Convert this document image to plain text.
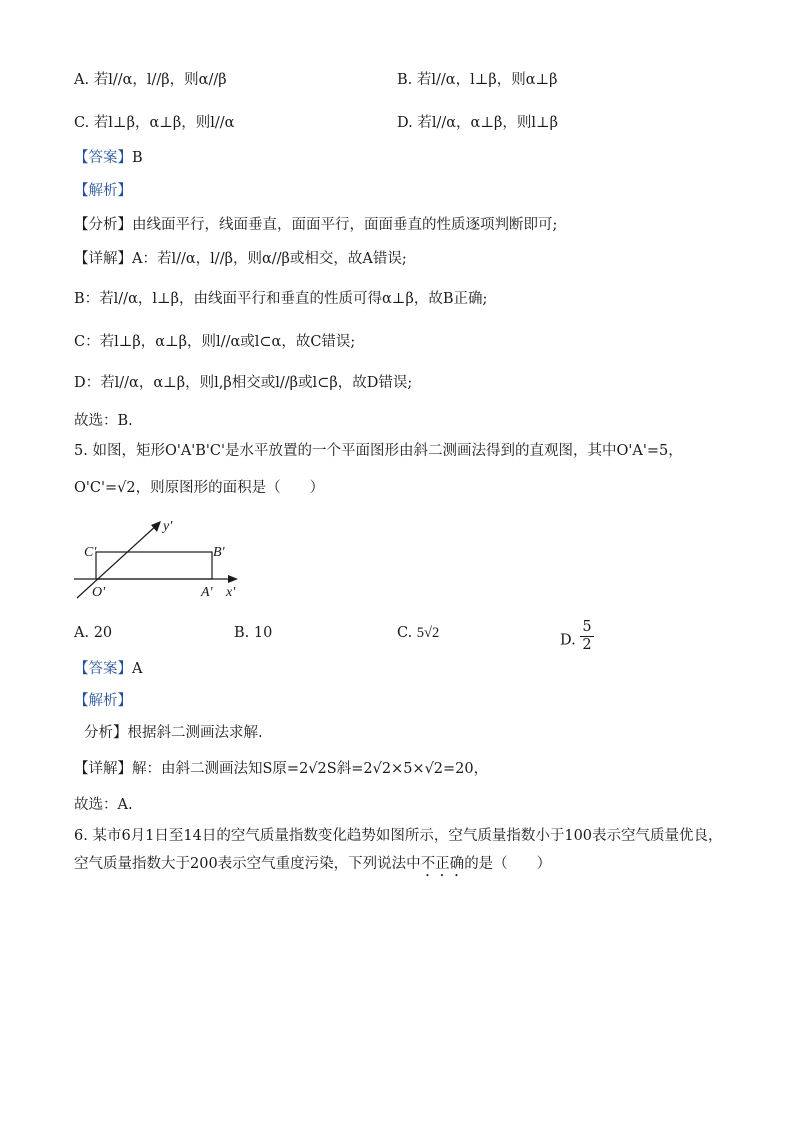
A. 若l//α，l//β，则α//β	B. 若l//α，l⊥β，则α⊥β
C. 若l⊥β，α⊥β，则l//α	D. 若l//α，α⊥β，则l⊥β
【答案】B
【解析】
【分析】由线面平行，线面垂直，面面平行，面面垂直的性质逐项判断即可;
【详解】A：若l//α，l//β，则α//β或相交，故A错误;
B：若l//α，l⊥β，由线面平行和垂直的性质可得α⊥β，故B正确;
C：若l⊥β，α⊥β，则l//α或l⊂α，故C错误;
D：若l//α，α⊥β，则l,β相交或l//β或l⊂β，故D错误;
故选：B.
5. 如图，矩形O'A'B'C'是水平放置的一个平面图形由斜二测画法得到的直观图，其中O'A'=5，
O'C'=√2，则原图形的面积是（　　）
y'
C'	B'
O'	A' x'
A. 20	B. 10	C. 5√2	D. $\frac{5}{2}$
【答案】A
【解析】
分析】根据斜二测画法求解.
【详解】解：由斜二测画法知S原=2√2S斜=2√2×5×√2=20，
故选：A.
6. 某市6月1日至14日的空气质量指数变化趋势如图所示，空气质量指数小于100表示空气质量优良，
空气质量指数大于200表示空气重度污染，下列说法中不正确的是（　　）
